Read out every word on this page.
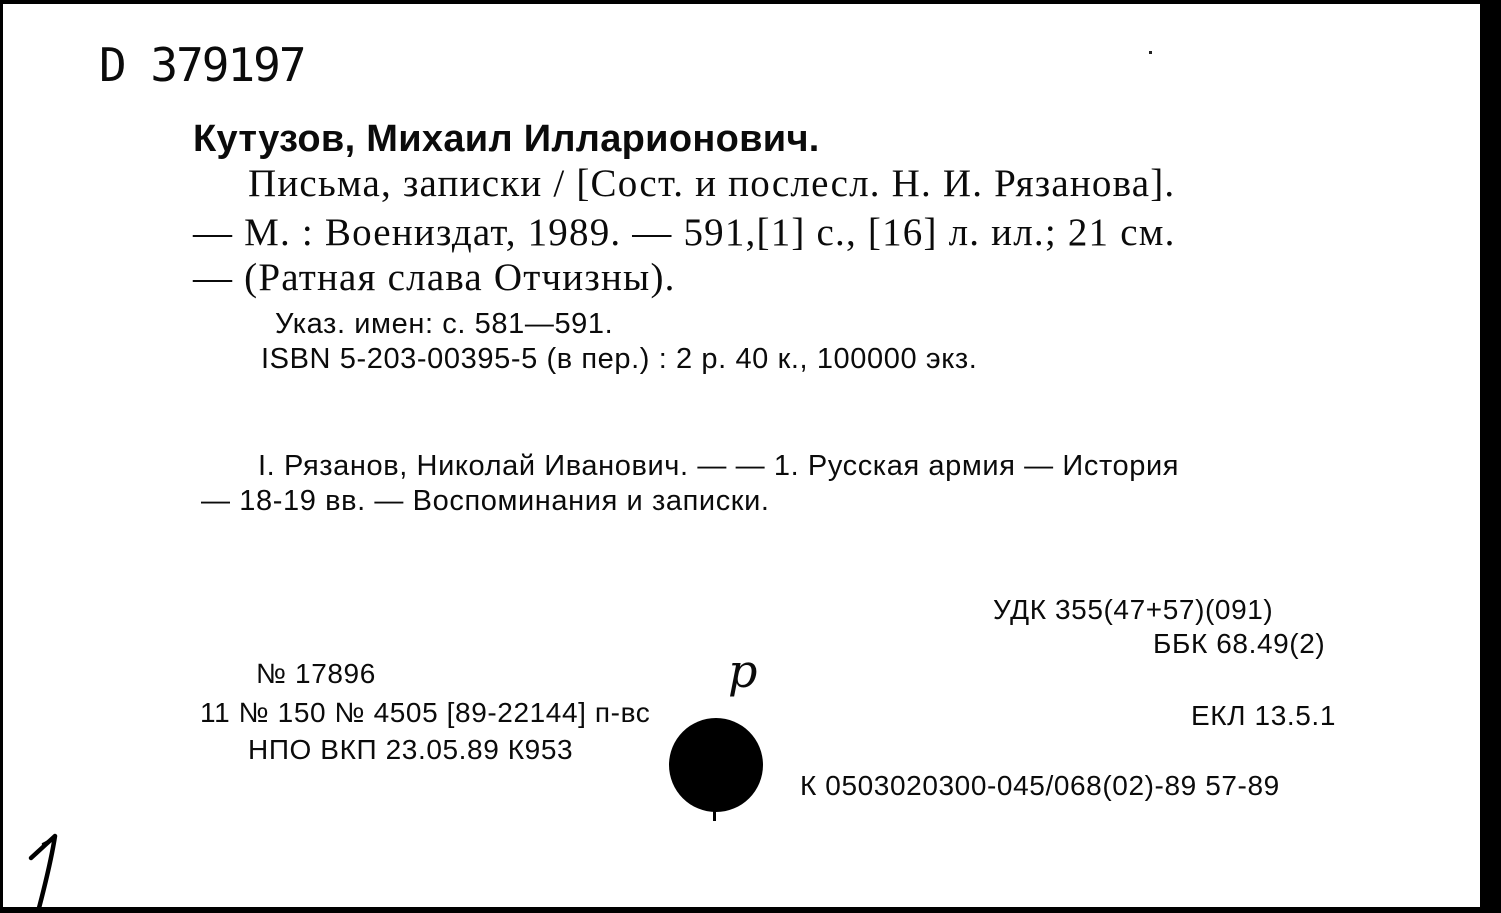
D 379197

Кутузов, Михаил Илларионович.

Письма, записки / [Сост. и послесл. Н. И. Рязанова].

— М. : Воениздат, 1989. — 591,[1] с., [16] л. ил.; 21 см.

— (Ратная слава Отчизны).

Указ. имен: с. 581—591.

ISBN 5-203-00395-5 (в пер.) : 2 р. 40 к., 100000 экз.

I. Рязанов, Николай Иванович. — — 1. Русская армия — История

— 18-19 вв. — Воспоминания и записки.

УДК 355(47+57)(091)

ББК 68.49(2)

ЕКЛ 13.5.1

К 0503020300-045/068(02)-89 57-89

№ 17896

11 № 150 № 4505 [89-22144] п-вс

НПО ВКП 23.05.89 К953

р
